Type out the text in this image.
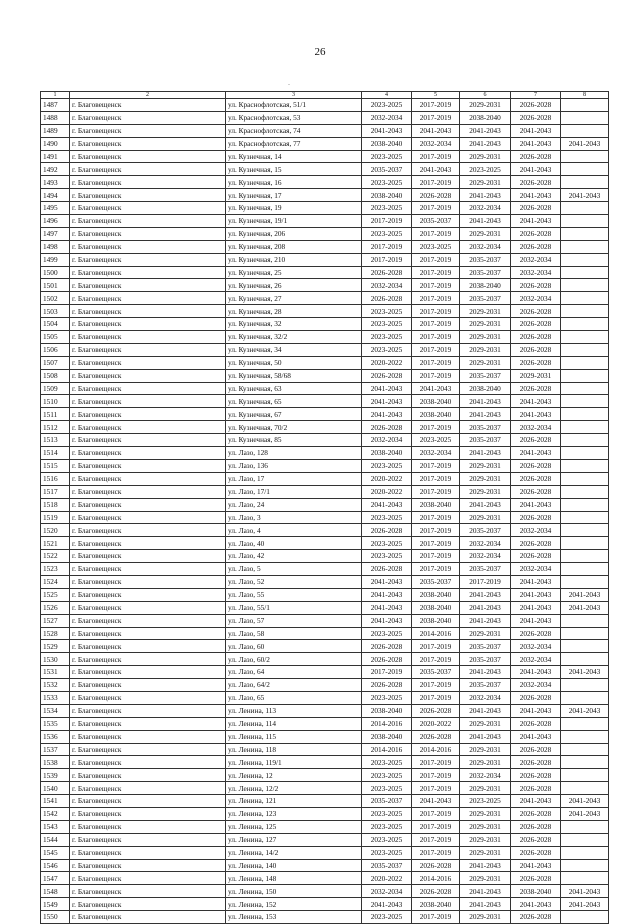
26
.
1	2	3	4	5	6	7	8
1487	г. Благовещенск	ул. Краснофлотская, 51/1	2023-2025	2017-2019	2029-2031	2026-2028	
1488	г. Благовещенск	ул. Краснофлотская, 53	2032-2034	2017-2019	2038-2040	2026-2028	
1489	г. Благовещенск	ул. Краснофлотская, 74	2041-2043	2041-2043	2041-2043	2041-2043	
1490	г. Благовещенск	ул. Краснофлотская, 77	2038-2040	2032-2034	2041-2043	2041-2043	2041-2043
1491	г. Благовещенск	ул. Кузнечная, 14	2023-2025	2017-2019	2029-2031	2026-2028	
1492	г. Благовещенск	ул. Кузнечная, 15	2035-2037	2041-2043	2023-2025	2041-2043	
1493	г. Благовещенск	ул. Кузнечная, 16	2023-2025	2017-2019	2029-2031	2026-2028	
1494	г. Благовещенск	ул. Кузнечная, 17	2038-2040	2026-2028	2041-2043	2041-2043	2041-2043
1495	г. Благовещенск	ул. Кузнечная, 19	2023-2025	2017-2019	2032-2034	2026-2028	
1496	г. Благовещенск	ул. Кузнечная, 19/1	2017-2019	2035-2037	2041-2043	2041-2043	
1497	г. Благовещенск	ул. Кузнечная, 206	2023-2025	2017-2019	2029-2031	2026-2028	
1498	г. Благовещенск	ул. Кузнечная, 208	2017-2019	2023-2025	2032-2034	2026-2028	
1499	г. Благовещенск	ул. Кузнечная, 210	2017-2019	2017-2019	2035-2037	2032-2034	
1500	г. Благовещенск	ул. Кузнечная, 25	2026-2028	2017-2019	2035-2037	2032-2034	
1501	г. Благовещенск	ул. Кузнечная, 26	2032-2034	2017-2019	2038-2040	2026-2028	
1502	г. Благовещенск	ул. Кузнечная, 27	2026-2028	2017-2019	2035-2037	2032-2034	
1503	г. Благовещенск	ул. Кузнечная, 28	2023-2025	2017-2019	2029-2031	2026-2028	
1504	г. Благовещенск	ул. Кузнечная, 32	2023-2025	2017-2019	2029-2031	2026-2028	
1505	г. Благовещенск	ул. Кузнечная, 32/2	2023-2025	2017-2019	2029-2031	2026-2028	
1506	г. Благовещенск	ул. Кузнечная, 34	2023-2025	2017-2019	2029-2031	2026-2028	
1507	г. Благовещенск	ул. Кузнечная, 50	2020-2022	2017-2019	2029-2031	2026-2028	
1508	г. Благовещенск	ул. Кузнечная, 58/68	2026-2028	2017-2019	2035-2037	2029-2031	
1509	г. Благовещенск	ул. Кузнечная, 63	2041-2043	2041-2043	2038-2040	2026-2028	
1510	г. Благовещенск	ул. Кузнечная, 65	2041-2043	2038-2040	2041-2043	2041-2043	
1511	г. Благовещенск	ул. Кузнечная, 67	2041-2043	2038-2040	2041-2043	2041-2043	
1512	г. Благовещенск	ул. Кузнечная, 70/2	2026-2028	2017-2019	2035-2037	2032-2034	
1513	г. Благовещенск	ул. Кузнечная, 85	2032-2034	2023-2025	2035-2037	2026-2028	
1514	г. Благовещенск	ул. Лазо, 128	2038-2040	2032-2034	2041-2043	2041-2043	
1515	г. Благовещенск	ул. Лазо, 136	2023-2025	2017-2019	2029-2031	2026-2028	
1516	г. Благовещенск	ул. Лазо, 17	2020-2022	2017-2019	2029-2031	2026-2028	
1517	г. Благовещенск	ул. Лазо, 17/1	2020-2022	2017-2019	2029-2031	2026-2028	
1518	г. Благовещенск	ул. Лазо, 24	2041-2043	2038-2040	2041-2043	2041-2043	
1519	г. Благовещенск	ул. Лазо, 3	2023-2025	2017-2019	2029-2031	2026-2028	
1520	г. Благовещенск	ул. Лазо, 4	2026-2028	2017-2019	2035-2037	2032-2034	
1521	г. Благовещенск	ул. Лазо, 40	2023-2025	2017-2019	2032-2034	2026-2028	
1522	г. Благовещенск	ул. Лазо, 42	2023-2025	2017-2019	2032-2034	2026-2028	
1523	г. Благовещенск	ул. Лазо, 5	2026-2028	2017-2019	2035-2037	2032-2034	
1524	г. Благовещенск	ул. Лазо, 52	2041-2043	2035-2037	2017-2019	2041-2043	
1525	г. Благовещенск	ул. Лазо, 55	2041-2043	2038-2040	2041-2043	2041-2043	2041-2043
1526	г. Благовещенск	ул. Лазо, 55/1	2041-2043	2038-2040	2041-2043	2041-2043	2041-2043
1527	г. Благовещенск	ул. Лазо, 57	2041-2043	2038-2040	2041-2043	2041-2043	
1528	г. Благовещенск	ул. Лазо, 58	2023-2025	2014-2016	2029-2031	2026-2028	
1529	г. Благовещенск	ул. Лазо, 60	2026-2028	2017-2019	2035-2037	2032-2034	
1530	г. Благовещенск	ул. Лазо, 60/2	2026-2028	2017-2019	2035-2037	2032-2034	
1531	г. Благовещенск	ул. Лазо, 64	2017-2019	2035-2037	2041-2043	2041-2043	2041-2043
1532	г. Благовещенск	ул. Лазо, 64/2	2026-2028	2017-2019	2035-2037	2032-2034	
1533	г. Благовещенск	ул. Лазо, 65	2023-2025	2017-2019	2032-2034	2026-2028	
1534	г. Благовещенск	ул. Ленина, 113	2038-2040	2026-2028	2041-2043	2041-2043	2041-2043
1535	г. Благовещенск	ул. Ленина, 114	2014-2016	2020-2022	2029-2031	2026-2028	
1536	г. Благовещенск	ул. Ленина, 115	2038-2040	2026-2028	2041-2043	2041-2043	
1537	г. Благовещенск	ул. Ленина, 118	2014-2016	2014-2016	2029-2031	2026-2028	
1538	г. Благовещенск	ул. Ленина, 119/1	2023-2025	2017-2019	2029-2031	2026-2028	
1539	г. Благовещенск	ул. Ленина, 12	2023-2025	2017-2019	2032-2034	2026-2028	
1540	г. Благовещенск	ул. Ленина, 12/2	2023-2025	2017-2019	2029-2031	2026-2028	
1541	г. Благовещенск	ул. Ленина, 121	2035-2037	2041-2043	2023-2025	2041-2043	2041-2043
1542	г. Благовещенск	ул. Ленина, 123	2023-2025	2017-2019	2029-2031	2026-2028	2041-2043
1543	г. Благовещенск	ул. Ленина, 125	2023-2025	2017-2019	2029-2031	2026-2028	
1544	г. Благовещенск	ул. Ленина, 127	2023-2025	2017-2019	2029-2031	2026-2028	
1545	г. Благовещенск	ул. Ленина, 14/2	2023-2025	2017-2019	2029-2031	2026-2028	
1546	г. Благовещенск	ул. Ленина, 140	2035-2037	2026-2028	2041-2043	2041-2043	
1547	г. Благовещенск	ул. Ленина, 148	2020-2022	2014-2016	2029-2031	2026-2028	
1548	г. Благовещенск	ул. Ленина, 150	2032-2034	2026-2028	2041-2043	2038-2040	2041-2043
1549	г. Благовещенск	ул. Ленина, 152	2041-2043	2038-2040	2041-2043	2041-2043	2041-2043
1550	г. Благовещенск	ул. Ленина, 153	2023-2025	2017-2019	2029-2031	2026-2028	
